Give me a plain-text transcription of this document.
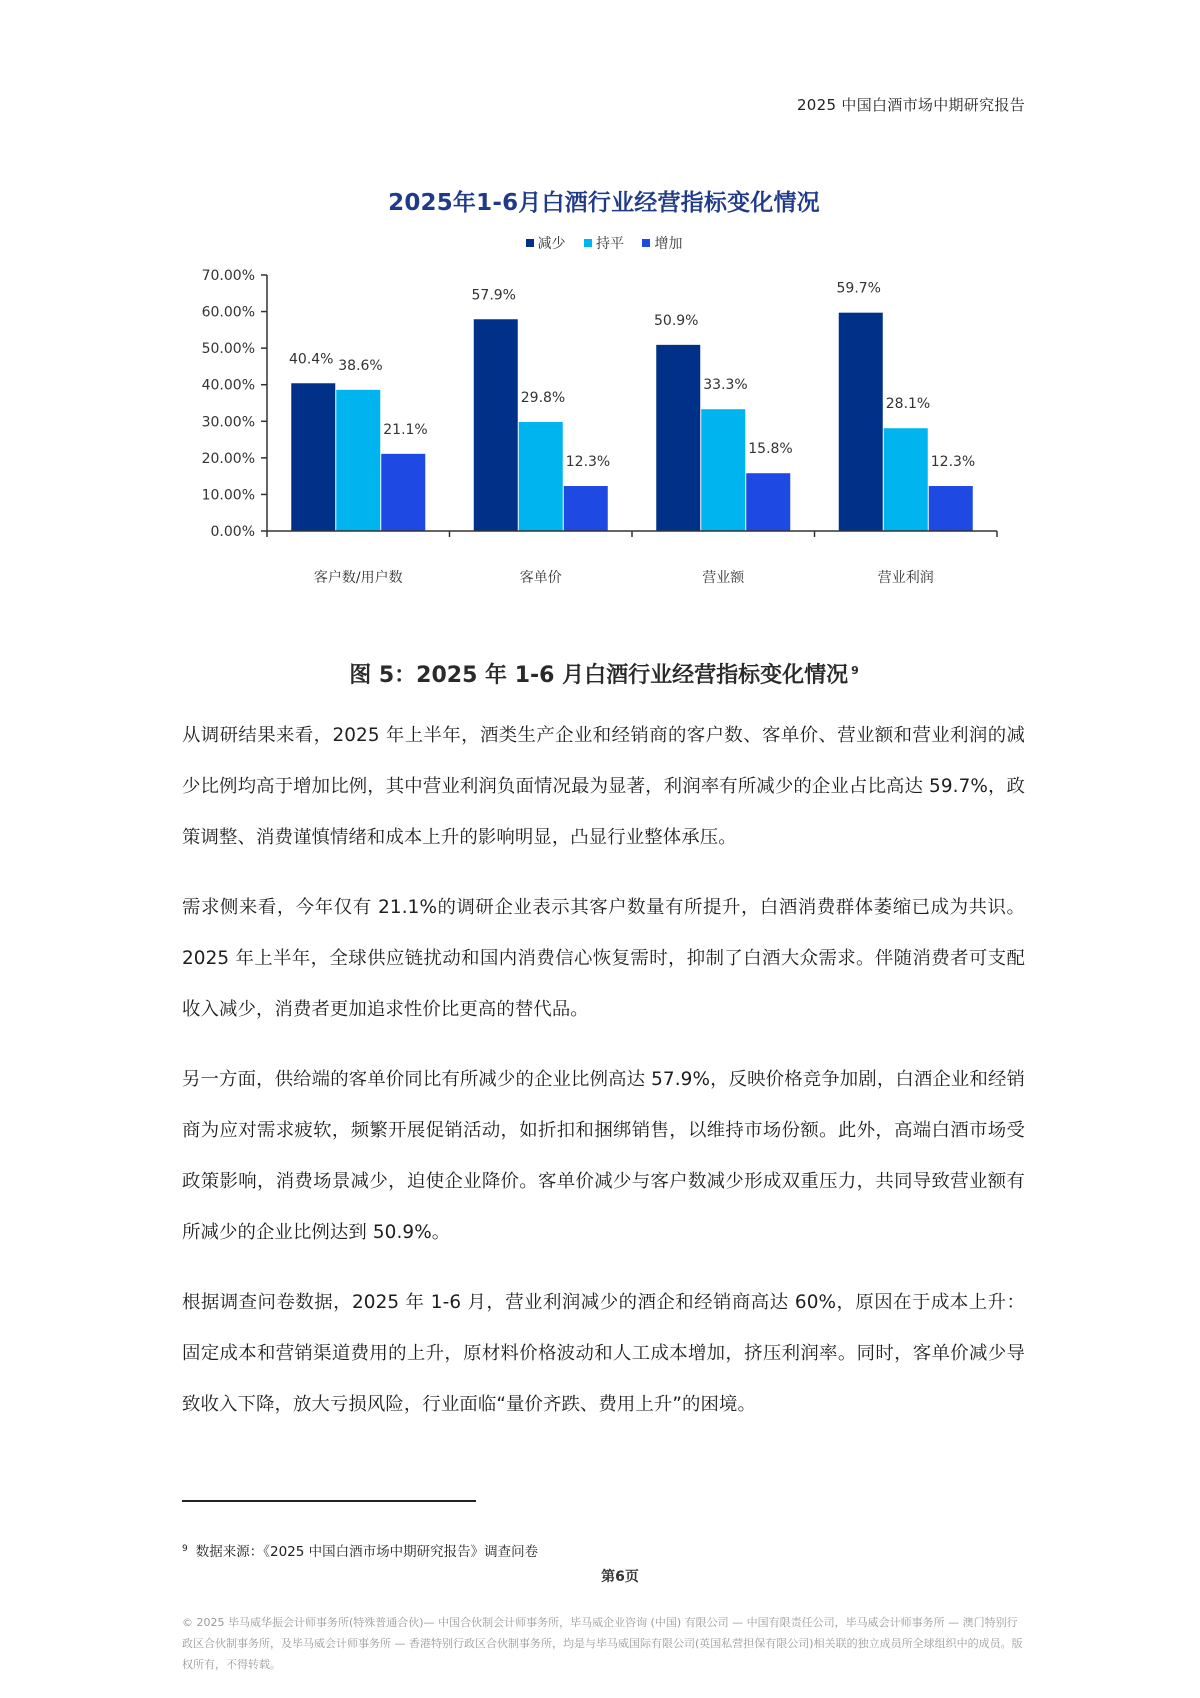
2025 中国白酒市场中期研究报告
2025年1-6月白酒行业经营指标变化情况
减少
持平
增加
0.00%
10.00%
20.00%
30.00%
40.00%
50.00%
60.00%
70.00%
40.4% 38.6%
21.1%
57.9%
29.8%
12.3%
50.9%
33.3%
15.8%
59.7%
28.1%
12.3%
客户数/用户数	客单价	营业额	营业利润
图 5：2025 年 1-6 月白酒行业经营指标变化情况 $^9$

从调研结果来看，2025 年上半年，酒类生产企业和经销商的客户数、客单价、营业额和营业利润的减少比例均高于增加比例，其中营业利润负面情况最为显著，利润率有所减少的企业占比高达 59.7%，政策调整、消费谨慎情绪和成本上升的影响明显，凸显行业整体承压。

需求侧来看，今年仅有 21.1%的调研企业表示其客户数量有所提升，白酒消费群体萎缩已成为共识。2025 年上半年，全球供应链扰动和国内消费信心恢复需时，抑制了白酒大众需求。伴随消费者可支配收入减少，消费者更加追求性价比更高的替代品。

另一方面，供给端的客单价同比有所减少的企业比例高达 57.9%，反映价格竞争加剧，白酒企业和经销商为应对需求疲软，频繁开展促销活动，如折扣和捆绑销售，以维持市场份额。此外，高端白酒市场受政策影响，消费场景减少，迫使企业降价。客单价减少与客户数减少形成双重压力，共同导致营业额有所减少的企业比例达到 50.9%。

根据调查问卷数据，2025 年 1-6 月，营业利润减少的酒企和经销商高达 60%，原因在于成本上升：固定成本和营销渠道费用的上升，原材料价格波动和人工成本增加，挤压利润率。同时，客单价减少导致收入下降，放大亏损风险，行业面临“量价齐跌、费用上升”的困境。

$^9$ 数据来源：《2025 中国白酒市场中期研究报告》调查问卷
第6页
© 2025 毕马威华振会计师事务所(特殊普通合伙)— 中国合伙制会计师事务所，毕马威企业咨询 (中国) 有限公司 — 中国有限责任公司，毕马威会计师事务所 — 澳门特别行政区合伙制事务所，及毕马威会计师事务所 — 香港特别行政区合伙制事务所，均是与毕马威国际有限公司(英国私营担保有限公司)相关联的独立成员所全球组织中的成员。版权所有，不得转载。
